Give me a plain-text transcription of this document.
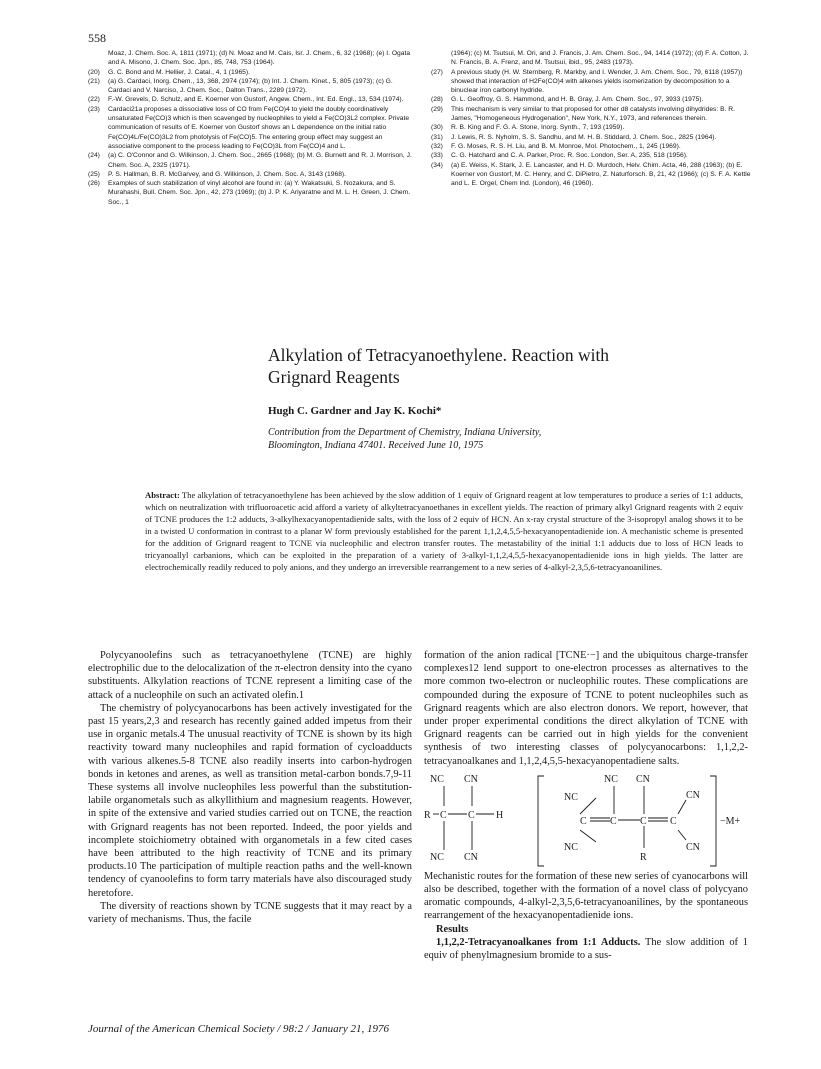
558
Moaz, J. Chem. Soc. A, 1811 (1971); (d) N. Moaz and M. Cais, Isr. J. Chem., 6, 32 (1968); (e) I. Ogata and A. Misono, J. Chem. Soc. Jpn., 85, 748, 753 (1964).
(20) G. C. Bond and M. Hellier, J. Catal., 4, 1 (1965).
(21) (a) G. Cardaci, Inorg. Chem., 13, 368, 2974 (1974); (b) Int. J. Chem. Kinet., 5, 805 (1973); (c) G. Cardaci and V. Narciso, J. Chem. Soc., Dalton Trans., 2289 (1972).
(22) F.-W. Grevels, D. Schulz, and E. Koerner von Gustorf, Angew. Chem., Int. Ed. Engl., 13, 534 (1974).
(23) Cardaci21a proposes a dissociative loss of CO from Fe(CO)4 to yield the doubly coordinatively unsaturated Fe(CO)3 which is then scavenged by nucleophiles to yield a Fe(CO)3L2 complex. Private communication of results of E. Koerner von Gustorf shows an L dependence on the initial ratio Fe(CO)4L/Fe(CO)3L2 from photolysis of Fe(CO)5. The entering group effect may suggest an associative component to the process leading to Fe(CO)3L from Fe(CO)4 and L.
(24) (a) C. O'Connor and G. Wilkinson, J. Chem. Soc., 2665 (1968); (b) M. G. Burnett and R. J. Morrison, J. Chem. Soc. A, 2325 (1971).
(25) P. S. Hallman, B. R. McGarvey, and G. Wilkinson, J. Chem. Soc. A, 3143 (1968).
(26) Examples of such stabilization of vinyl alcohol are found in: (a) Y. Wakatsuki, S. Nozakura, and S. Murahashi, Bull. Chem. Soc. Jpn., 42, 273 (1969); (b) J. P. K. Ariyaratne and M. L. H. Green, J. Chem. Soc., 1
(1964); (c) M. Tsutsui, M. Ori, and J. Francis, J. Am. Chem. Soc., 94, 1414 (1972); (d) F. A. Cotton, J. N. Francis, B. A. Frenz, and M. Tsutsui, ibid., 95, 2483 (1973).
(27) A previous study (H. W. Sternberg, R. Markby, and I. Wender, J. Am. Chem. Soc., 79, 6118 (1957)) showed that interaction of H2Fe(CO)4 with alkenes yields isomerization by decomposition to a binuclear iron carbonyl hydride.
(28) G. L. Geoffroy, G. S. Hammond, and H. B. Gray, J. Am. Chem. Soc., 97, 3933 (1975).
(29) This mechanism is very similar to that proposed for other d8 catalysts involving dihydrides: B. R. James, "Homogeneous Hydrogenation", New York, N.Y., 1973, and references therein.
(30) R. B. King and F. G. A. Stone, Inorg. Synth., 7, 193 (1959).
(31) J. Lewis, R. S. Nyholm, S. S. Sandhu, and M. H. B. Stiddard, J. Chem. Soc., 2825 (1964).
(32) F. G. Moses, R. S. H. Liu, and B. M. Monroe, Mol. Photochem., 1, 245 (1969).
(33) C. G. Hatchard and C. A. Parker, Proc. R. Soc. London, Ser. A, 235, 518 (1956).
(34) (a) E. Weiss, K. Stark, J. E. Lancaster, and H. D. Murdoch, Helv. Chim. Acta, 46, 288 (1963); (b) E. Koerner von Gustorf, M. C. Henry, and C. DiPietro, Z. Naturforsch. B, 21, 42 (1966); (c) S. F. A. Kettle and L. E. Orgel, Chem Ind. (London), 46 (1960).
Alkylation of Tetracyanoethylene. Reaction with
Grignard Reagents
Hugh C. Gardner and Jay K. Kochi*
Contribution from the Department of Chemistry, Indiana University,
Bloomington, Indiana 47401. Received June 10, 1975
Abstract: The alkylation of tetracyanoethylene has been achieved by the slow addition of 1 equiv of Grignard reagent at low temperatures to produce a series of 1:1 adducts, which on neutralization with trifluoroacetic acid afford a variety of alkyltetracyanoethanes in excellent yields. The reaction of primary alkyl Grignard reagents with 2 equiv of TCNE produces the 1:2 adducts, 3-alkylhexacyanopentadienide salts, with the loss of 2 equiv of HCN. An x-ray crystal structure of the 3-isopropyl analog shows it to be in a twisted U conformation in contrast to a planar W form previously established for the parent 1,1,2,4,5,5-hexacyanopentadienide ion. A mechanistic scheme is presented for the addition of Grignard reagent to TCNE via nucleophilic and electron transfer routes. The metastability of the initial 1:1 adducts due to loss of HCN leads to tricyanoallyl carbanions, which can be exploited in the preparation of a variety of 3-alkyl-1,1,2,4,5,5-hexacyanopentadienide ions in high yields. The latter are electrochemically readily reduced to poly anions, and they undergo an irreversible rearrangement to a new series of 4-alkyl-2,3,5,6-tetracyanoanilines.

Polycyanoolefins such as tetracyanoethylene (TCNE) are highly electrophilic due to the delocalization of the π-electron density into the cyano substituents. Alkylation reactions of TCNE represent a limiting case of the attack of a nucleophile on such an activated olefin.1

The chemistry of polycyanocarbons has been actively investigated for the past 15 years,2,3 and research has recently gained added impetus from their use in organic metals.4 The unusual reactivity of TCNE is shown by its high reactivity toward many nucleophiles and rapid formation of cycloadducts with various alkenes.5-8 TCNE also readily inserts into carbon-hydrogen bonds in ketones and arenes, as well as transition metal-carbon bonds.7,9-11 These systems all involve nucleophiles less powerful than the substitution-labile organometals such as alkyllithium and magnesium reagents. However, in spite of the extensive and varied studies carried out on TCNE, the reaction with Grignard reagents has not been reported. Indeed, the poor yields and incomplete stoichiometry obtained with organometals in a few cited cases have been attributed to the high reactivity of TCNE and its primary products.10 The participation of multiple reaction paths and the well-known tendency of cyanoolefins to form tarry materials have also discouraged study heretofore.

The diversity of reactions shown by TCNE suggests that it may react by a variety of mechanisms. Thus, the facile

formation of the anion radical [TCNE·−] and the ubiquitous charge-transfer complexes12 lend support to one-electron processes as alternatives to the more common two-electron or nucleophilic routes. These complications are compounded during the exposure of TCNE to potent nucleophiles such as Grignard reagents which are also electron donors. We report, however, that under proper experimental conditions the direct alkylation of TCNE with Grignard reagents can be carried out in high yields for the convenient synthesis of two interesting classes of polycyanocarbons: 1,1,2,2-tetracyanoalkanes and 1,1,2,4,5,5-hexacyanopentadiene salts.

NC CN
R C C H
NC CN
NC CN
NC	CN
C C C C
NC	CN
R
−M+

Mechanistic routes for the formation of these new series of cyanocarbons will also be described, together with the formation of a novel class of polycyano aromatic compounds, 4-alkyl-2,3,5,6-tetracyanoanilines, by the spontaneous rearrangement of the hexacyanopentadienide ions.

Results

1,1,2,2-Tetracyanoalkanes from 1:1 Adducts. The slow addition of 1 equiv of phenylmagnesium bromide to a sus-

Journal of the American Chemical Society / 98:2 / January 21, 1976
